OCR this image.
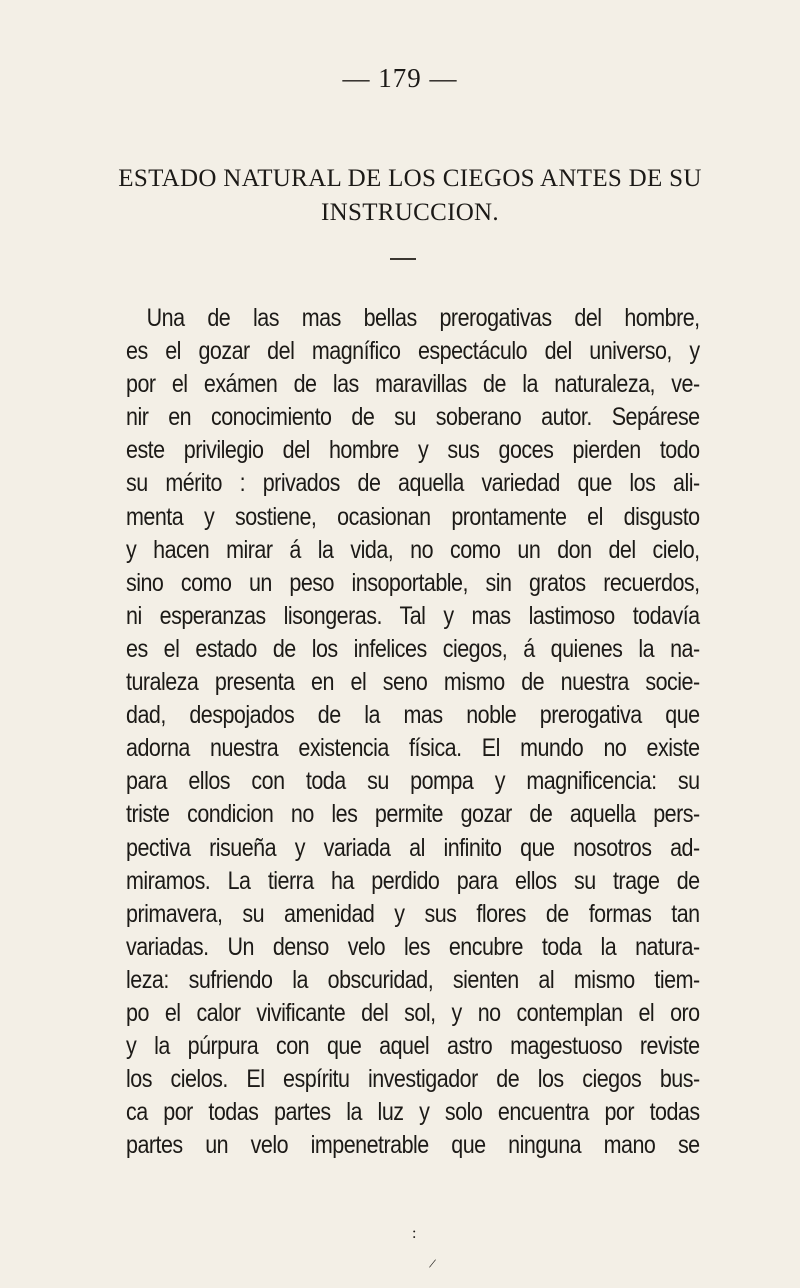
— 179 —
ESTADO NATURAL DE LOS CIEGOS ANTES DE SU
INSTRUCCION.
Una de las mas bellas prerogativas del hombre,
es el gozar del magnífico espectáculo del universo, y
por el exámen de las maravillas de la naturaleza, ve-
nir en conocimiento de su soberano autor. Sepárese
este privilegio del hombre y sus goces pierden todo
su mérito : privados de aquella variedad que los ali-
menta y sostiene, ocasionan prontamente el disgusto
y hacen mirar á la vida, no como un don del cielo,
sino como un peso insoportable, sin gratos recuerdos,
ni esperanzas lisongeras. Tal y mas lastimoso todavía
es el estado de los infelices ciegos, á quienes la na-
turaleza presenta en el seno mismo de nuestra socie-
dad, despojados de la mas noble prerogativa que
adorna nuestra existencia física. El mundo no existe
para ellos con toda su pompa y magnificencia: su
triste condicion no les permite gozar de aquella pers-
pectiva risueña y variada al infinito que nosotros ad-
miramos. La tierra ha perdido para ellos su trage de
primavera, su amenidad y sus flores de formas tan
variadas. Un denso velo les encubre toda la natura-
leza: sufriendo la obscuridad, sienten al mismo tiem-
po el calor vivificante del sol, y no contemplan el oro
y la púrpura con que aquel astro magestuoso reviste
los cielos. El espíritu investigador de los ciegos bus-
ca por todas partes la luz y solo encuentra por todas
partes un velo impenetrable que ninguna mano se
:
/
